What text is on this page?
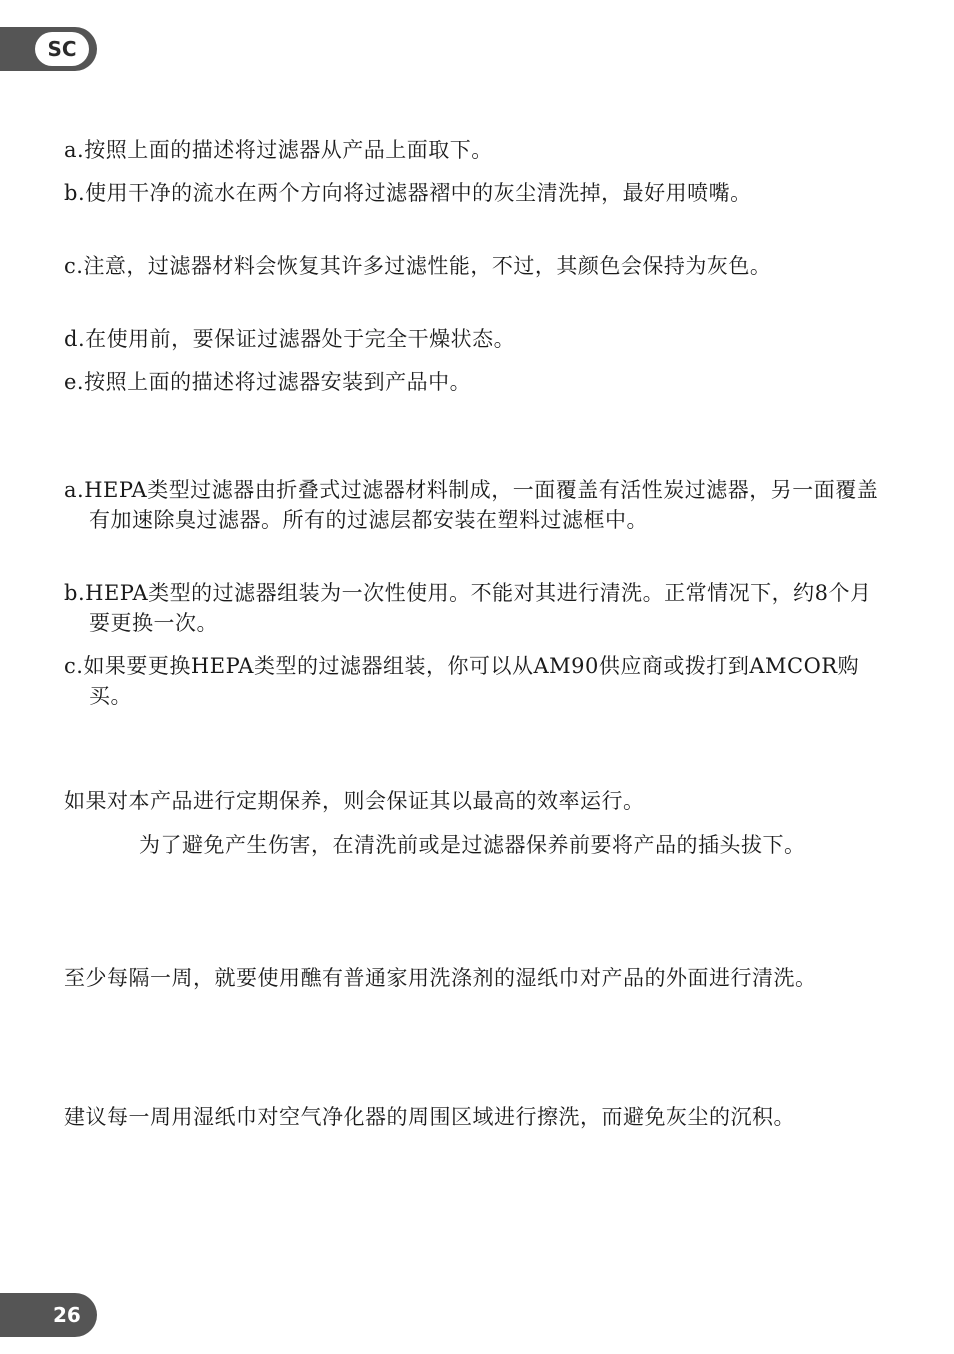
SC
a.按照上面的描述将过滤器从产品上面取下。
b.使用干净的流水在两个方向将过滤器褶中的灰尘清洗掉，最好用喷嘴。
c.注意，过滤器材料会恢复其许多过滤性能，不过，其颜色会保持为灰色。
d.在使用前，要保证过滤器处于完全干燥状态。
e.按照上面的描述将过滤器安装到产品中。
a.HEPA类型过滤器由折叠式过滤器材料制成，一面覆盖有活性炭过滤器，另一面覆盖有加速除臭过滤器。所有的过滤层都安装在塑料过滤框中。
b.HEPA类型的过滤器组装为一次性使用。不能对其进行清洗。正常情况下，约8个月要更换一次。
c.如果要更换HEPA类型的过滤器组装，你可以从AM90供应商或拨打到AMCOR购买。
如果对本产品进行定期保养，则会保证其以最高的效率运行。
为了避免产生伤害，在清洗前或是过滤器保养前要将产品的插头拔下。
至少每隔一周，就要使用醮有普通家用洗涤剂的湿纸巾对产品的外面进行清洗。
建议每一周用湿纸巾对空气净化器的周围区域进行擦洗，而避免灰尘的沉积。
26
